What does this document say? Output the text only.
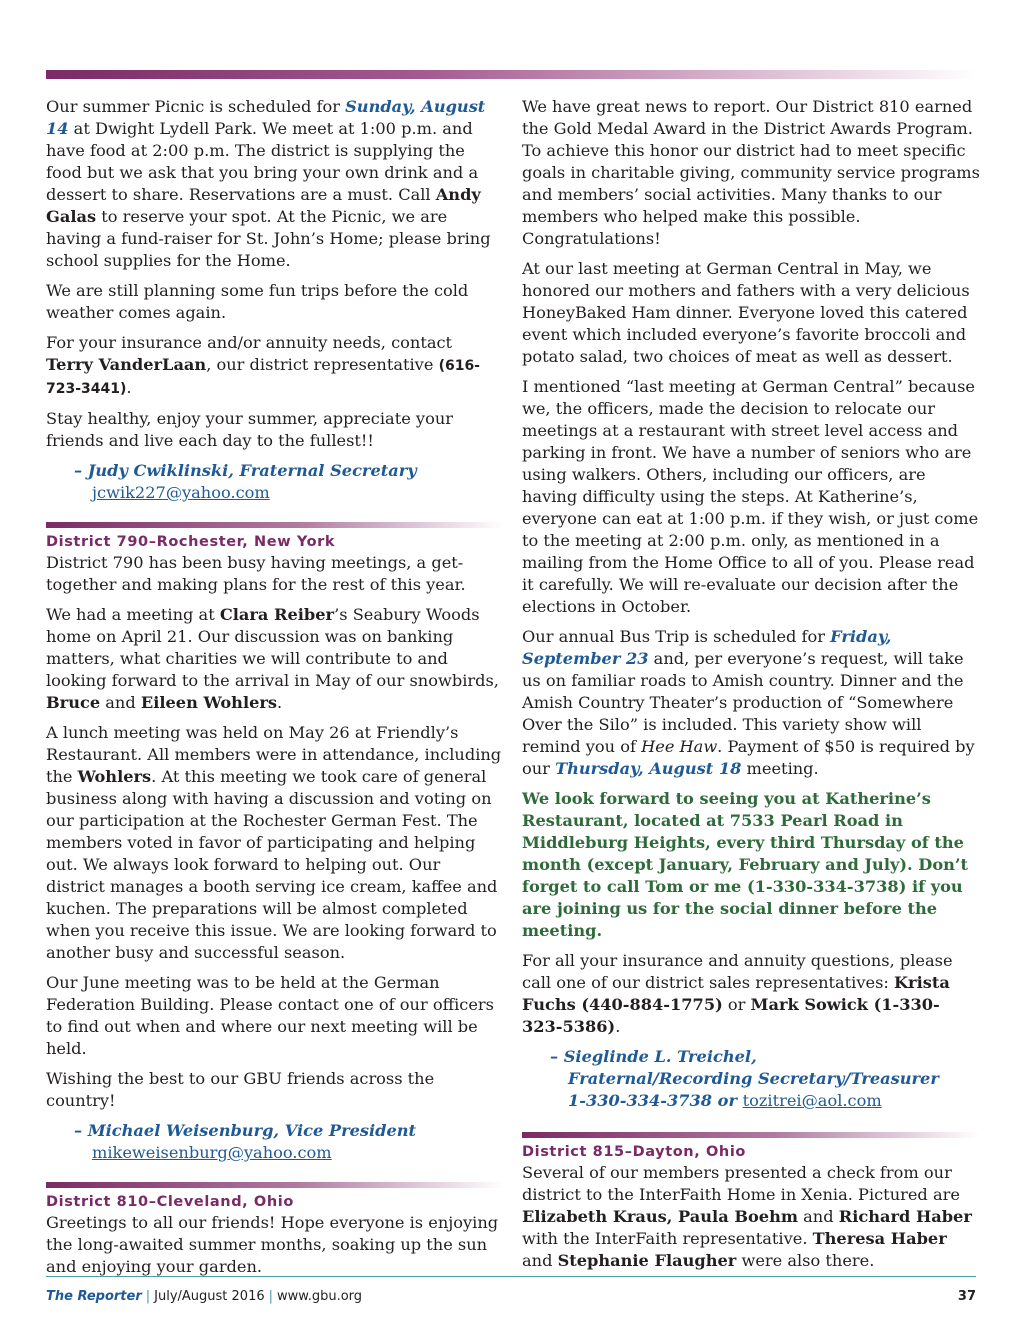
Our summer Picnic is scheduled for Sunday, August 14 at Dwight Lydell Park. We meet at 1:00 p.m. and have food at 2:00 p.m. The district is supplying the food but we ask that you bring your own drink and a dessert to share. Reservations are a must. Call Andy Galas to reserve your spot. At the Picnic, we are having a fund-raiser for St. John’s Home; please bring school supplies for the Home.

We are still planning some fun trips before the cold weather comes again.

For your insurance and/or annuity needs, contact Terry VanderLaan, our district representative (616-723-3441).

Stay healthy, enjoy your summer, appreciate your friends and live each day to the fullest!!

– Judy Cwiklinski, Fraternal Secretary
jcwik227@yahoo.com
District 790–Rochester, New York

District 790 has been busy having meetings, a get-together and making plans for the rest of this year.

We had a meeting at Clara Reiber’s Seabury Woods home on April 21. Our discussion was on banking matters, what charities we will contribute to and looking forward to the arrival in May of our snowbirds, Bruce and Eileen Wohlers.

A lunch meeting was held on May 26 at Friendly’s Restaurant. All members were in attendance, including the Wohlers. At this meeting we took care of general business along with having a discussion and voting on our participation at the Rochester German Fest. The members voted in favor of participating and helping out. We always look forward to helping out. Our district manages a booth serving ice cream, kaffee and kuchen. The preparations will be almost completed when you receive this issue. We are looking forward to another busy and successful season.

Our June meeting was to be held at the German Federation Building. Please contact one of our officers to find out when and where our next meeting will be held.

Wishing the best to our GBU friends across the country!

– Michael Weisenburg, Vice President
mikeweisenburg@yahoo.com
District 810–Cleveland, Ohio

Greetings to all our friends! Hope everyone is enjoying the long-awaited summer months, soaking up the sun and enjoying your garden.

We have great news to report. Our District 810 earned the Gold Medal Award in the District Awards Program. To achieve this honor our district had to meet specific goals in charitable giving, community service programs and members’ social activities. Many thanks to our members who helped make this possible. Congratulations!

At our last meeting at German Central in May, we honored our mothers and fathers with a very delicious HoneyBaked Ham dinner. Everyone loved this catered event which included everyone’s favorite broccoli and potato salad, two choices of meat as well as dessert.

I mentioned “last meeting at German Central” because we, the officers, made the decision to relocate our meetings at a restaurant with street level access and parking in front. We have a number of seniors who are using walkers. Others, including our officers, are having difficulty using the steps. At Katherine’s, everyone can eat at 1:00 p.m. if they wish, or just come to the meeting at 2:00 p.m. only, as mentioned in a mailing from the Home Office to all of you. Please read it carefully. We will re-evaluate our decision after the elections in October.

Our annual Bus Trip is scheduled for Friday, September 23 and, per everyone’s request, will take us on familiar roads to Amish country. Dinner and the Amish Country Theater’s production of “Somewhere Over the Silo” is included. This variety show will remind you of Hee Haw. Payment of $50 is required by our Thursday, August 18 meeting.

We look forward to seeing you at Katherine’s Restaurant, located at 7533 Pearl Road in Middleburg Heights, every third Thursday of the month (except January, February and July). Don’t forget to call Tom or me (1-330-334-3738) if you are joining us for the social dinner before the meeting.

For all your insurance and annuity questions, please call one of our district sales representatives: Krista Fuchs (440-884-1775) or Mark Sowick (1-330-323-5386).

– Sieglinde L. Treichel,
Fraternal/Recording Secretary/Treasurer
1-330-334-3738 or tozitrei@aol.com
District 815–Dayton, Ohio

Several of our members presented a check from our district to the InterFaith Home in Xenia. Pictured are Elizabeth Kraus, Paula Boehm and Richard Haber with the InterFaith representative. Theresa Haber and Stephanie Flaugher were also there.

The Reporter | July/August 2016 | www.gbu.org	37
